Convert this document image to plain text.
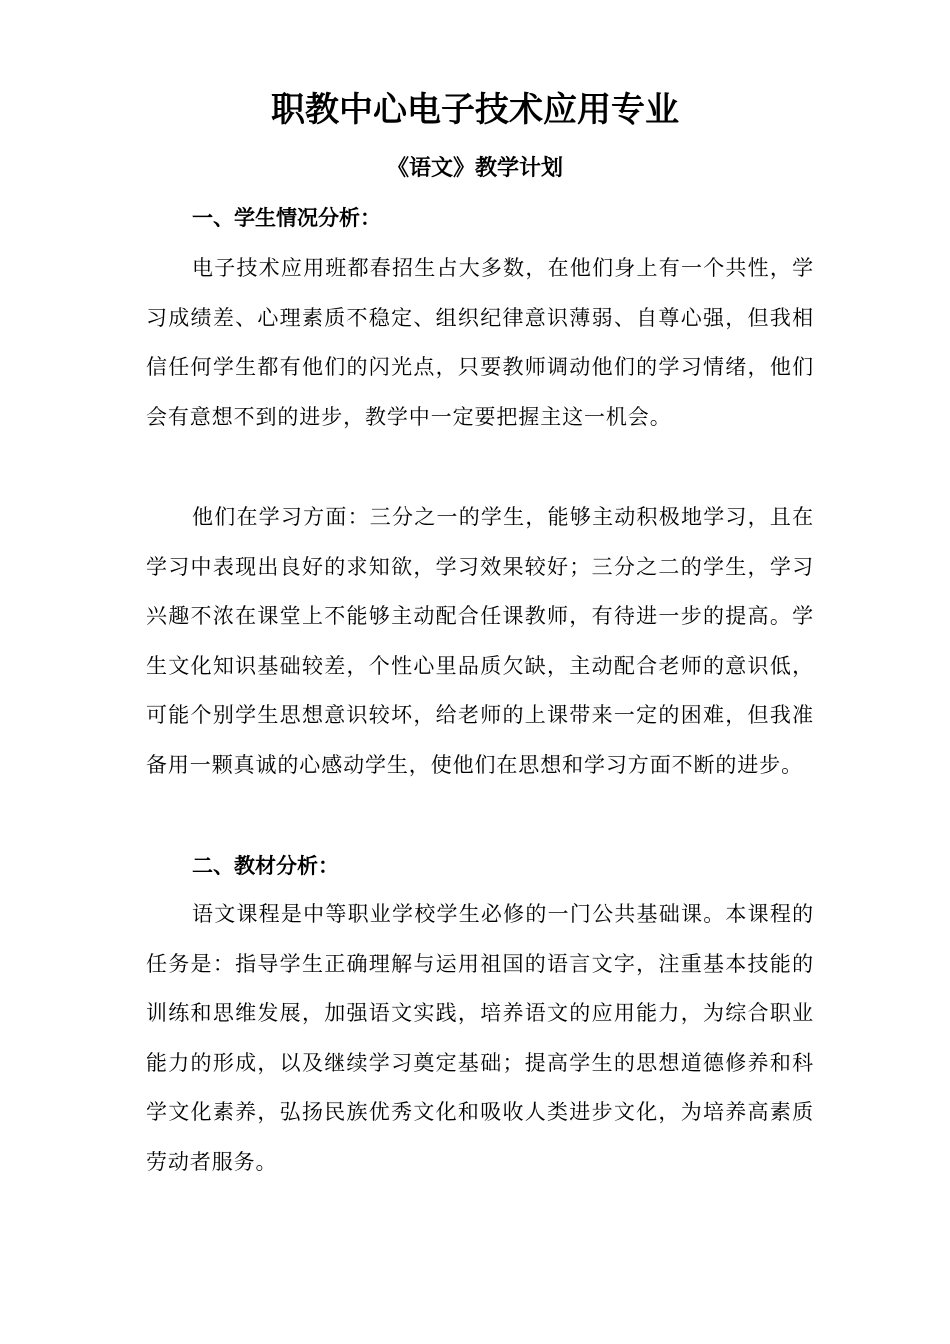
职教中心电子技术应用专业
《语文》教学计划
一、学生情况分析：
电子技术应用班都春招生占大多数，在他们身上有一个共性，学习成绩差、心理素质不稳定、组织纪律意识薄弱、自尊心强，但我相信任何学生都有他们的闪光点，只要教师调动他们的学习情绪，他们会有意想不到的进步，教学中一定要把握主这一机会。
他们在学习方面：三分之一的学生，能够主动积极地学习，且在学习中表现出良好的求知欲，学习效果较好；三分之二的学生，学习兴趣不浓在课堂上不能够主动配合任课教师，有待进一步的提高。学生文化知识基础较差，个性心里品质欠缺，主动配合老师的意识低，可能个别学生思想意识较坏，给老师的上课带来一定的困难，但我准备用一颗真诚的心感动学生，使他们在思想和学习方面不断的进步。
二、教材分析：
语文课程是中等职业学校学生必修的一门公共基础课。本课程的任务是：指导学生正确理解与运用祖国的语言文字，注重基本技能的训练和思维发展，加强语文实践，培养语文的应用能力，为综合职业能力的形成，以及继续学习奠定基础；提高学生的思想道德修养和科学文化素养，弘扬民族优秀文化和吸收人类进步文化，为培养高素质劳动者服务。
